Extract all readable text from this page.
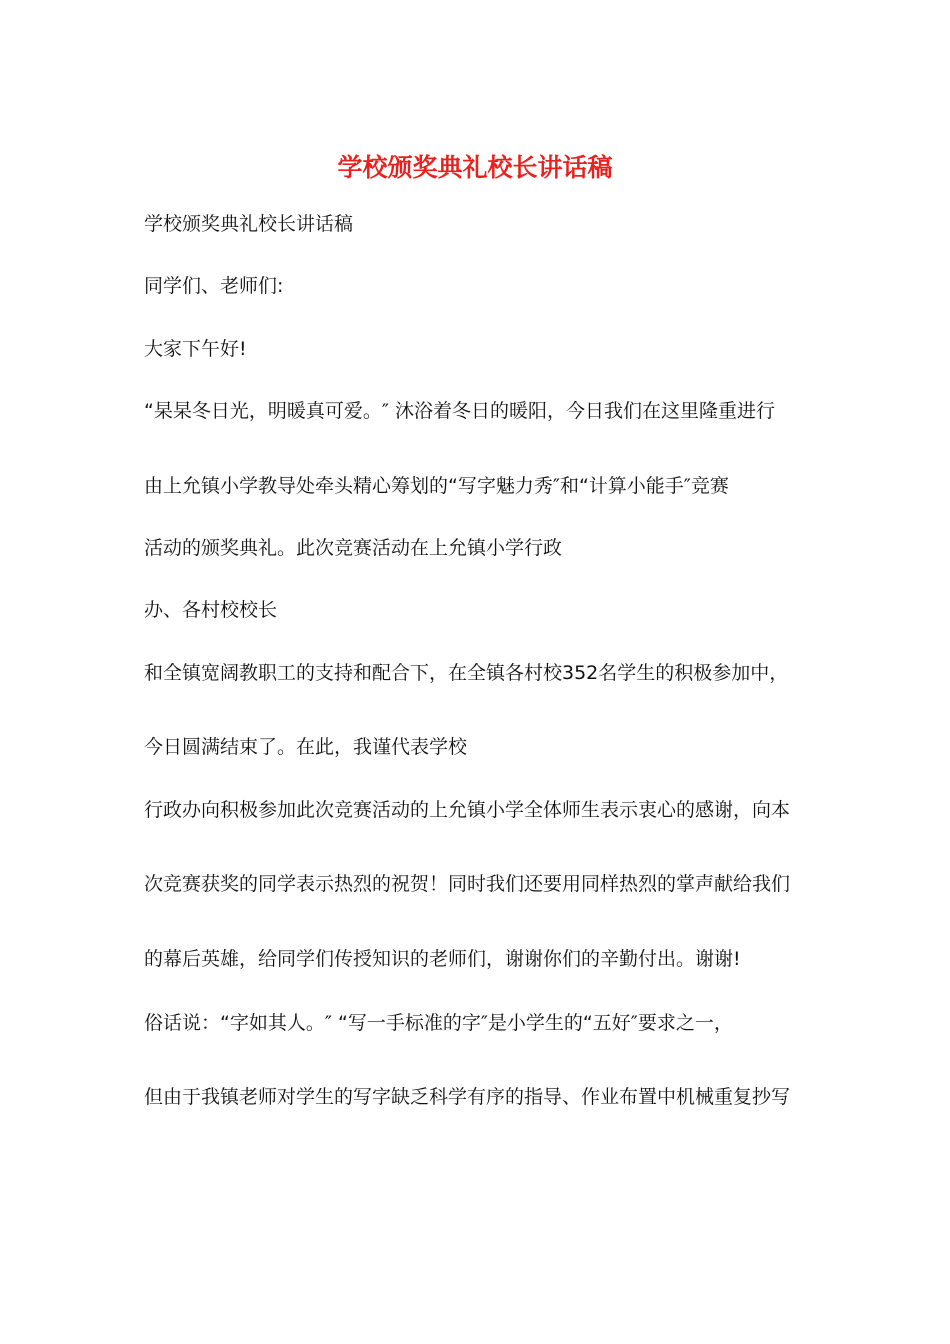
学校颁奖典礼校长讲话稿
学校颁奖典礼校长讲话稿
同学们、老师们:
大家下午好!
“杲杲冬日光，明暖真可爱。″ 沐浴着冬日的暖阳，今日我们在这里隆重进行
由上允镇小学教导处牵头精心筹划的“写字魅力秀″和“计算小能手″竞赛
活动的颁奖典礼。此次竞赛活动在上允镇小学行政
办、各村校校长
和全镇宽阔教职工的支持和配合下，在全镇各村校352名学生的积极参加中，
今日圆满结束了。在此，我谨代表学校
行政办向积极参加此次竞赛活动的上允镇小学全体师生表示衷心的感谢，向本
次竞赛获奖的同学表示热烈的祝贺！同时我们还要用同样热烈的掌声献给我们
的幕后英雄，给同学们传授知识的老师们，谢谢你们的辛勤付出。谢谢!
俗话说：“字如其人。″ “写一手标准的字″是小学生的“五好″要求之一，
但由于我镇老师对学生的写字缺乏科学有序的指导、作业布置中机械重复抄写
